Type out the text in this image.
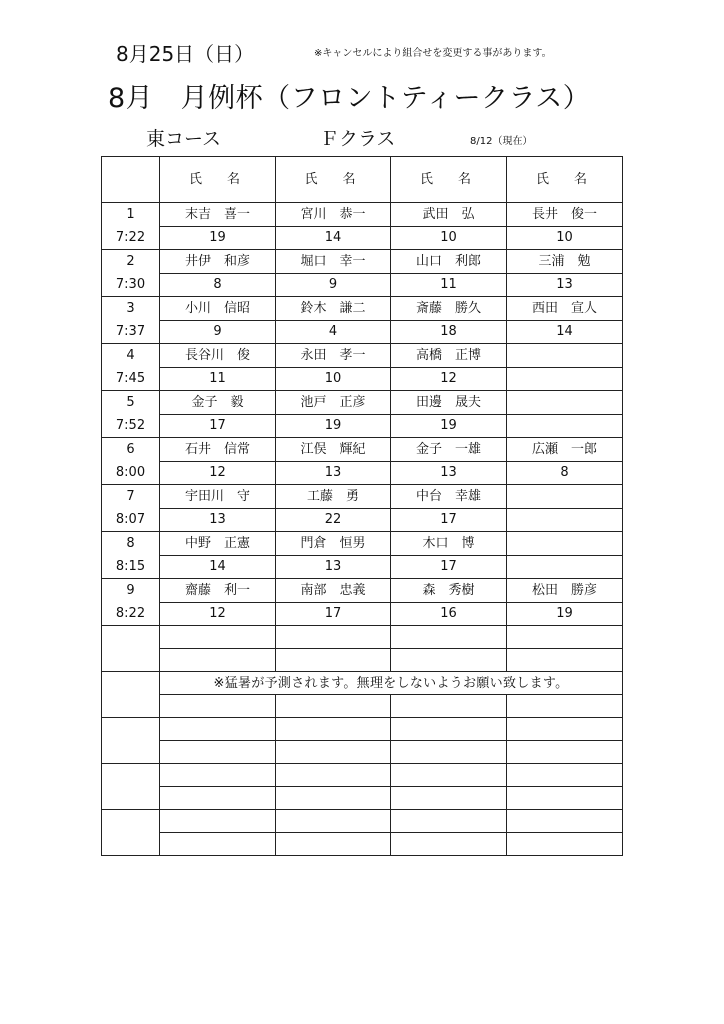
8月25日（日）	※キャンセルにより組合せを変更する事があります。
8月　月例杯（フロントティークラス）
東コース	Ｆクラス	8/12（現在）
	氏　名	氏　名	氏　名	氏　名

1
7:22	末吉　喜一	宮川　恭一	武田　弘	長井　俊一
	19	14	10	10

2
7:30	井伊　和彦	堀口　幸一	山口　利郎	三浦　勉
	8	9	11	13

3
7:37	小川　信昭	鈴木　謙二	斎藤　勝久	西田　宣人
	9	4	18	14

4
7:45	長谷川　俊	永田　孝一	高橋　正博	
	11	10	12	

5
7:52	金子　毅	池戸　正彦	田邊　晟夫	
	17	19	19	

6
8:00	石井　信常	江俣　輝紀	金子　一雄	広瀬　一郎
	12	13	13	8

7
8:07	宇田川　守	工藤　勇	中台　幸雄	
	13	22	17	

8
8:15	中野　正憲	門倉　恒男	木口　博	
	14	13	17	

9
8:22	齋藤　利一	南部　忠義	森　秀樹	松田　勝彦
	12	17	16	19

	※猛暑が予測されます。無理をしないようお願い致します。			
